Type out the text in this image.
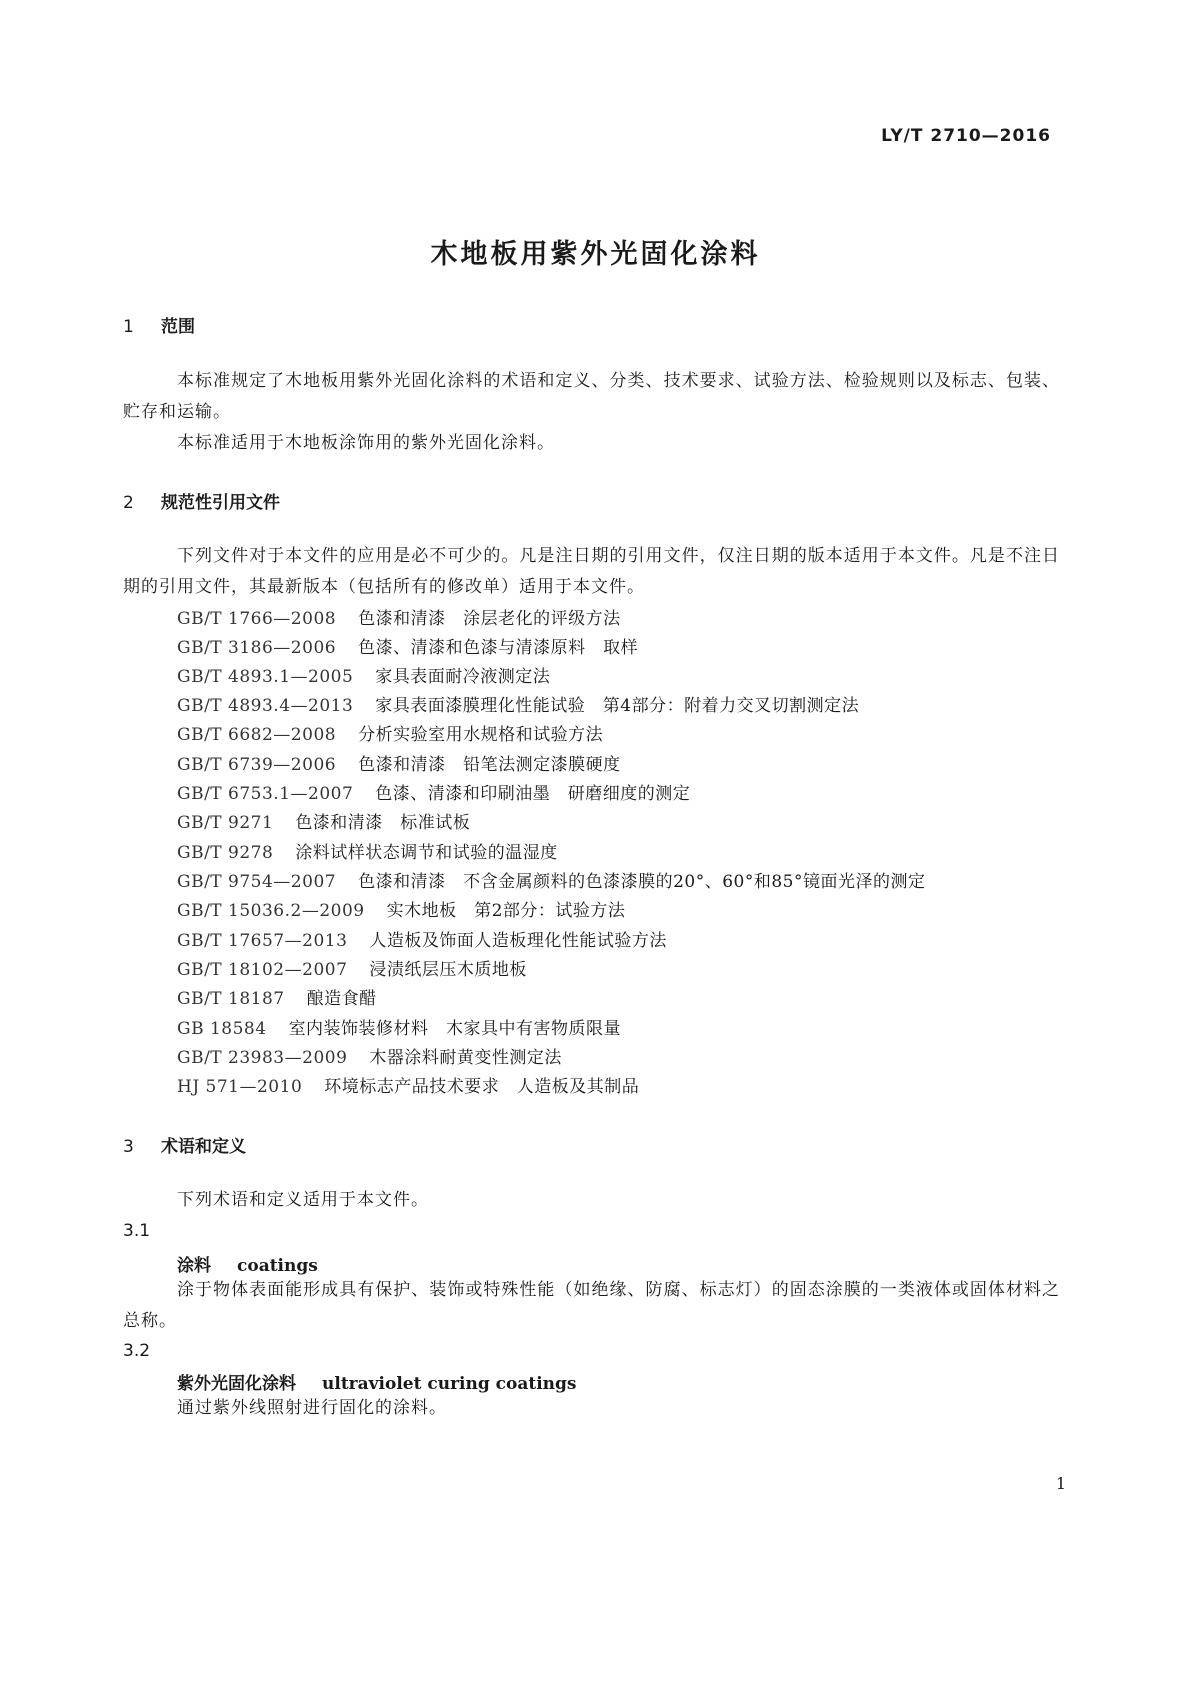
LY/T 2710—2016
木地板用紫外光固化涂料
1 范围
本标准规定了木地板用紫外光固化涂料的术语和定义、分类、技术要求、试验方法、检验规则以及标志、包装、贮存和运输。
本标准适用于木地板涂饰用的紫外光固化涂料。
2 规范性引用文件
下列文件对于本文件的应用是必不可少的。凡是注日期的引用文件，仅注日期的版本适用于本文件。凡是不注日期的引用文件，其最新版本（包括所有的修改单）适用于本文件。
GB/T 1766—2008 色漆和清漆　涂层老化的评级方法
GB/T 3186—2006 色漆、清漆和色漆与清漆原料　取样
GB/T 4893.1—2005 家具表面耐冷液测定法
GB/T 4893.4—2013 家具表面漆膜理化性能试验　第4部分：附着力交叉切割测定法
GB/T 6682—2008 分析实验室用水规格和试验方法
GB/T 6739—2006 色漆和清漆　铅笔法测定漆膜硬度
GB/T 6753.1—2007 色漆、清漆和印刷油墨　研磨细度的测定
GB/T 9271 色漆和清漆　标准试板
GB/T 9278 涂料试样状态调节和试验的温湿度
GB/T 9754—2007 色漆和清漆　不含金属颜料的色漆漆膜的20°、60°和85°镜面光泽的测定
GB/T 15036.2—2009 实木地板　第2部分：试验方法
GB/T 17657—2013 人造板及饰面人造板理化性能试验方法
GB/T 18102—2007 浸渍纸层压木质地板
GB/T 18187 酿造食醋
GB 18584 室内装饰装修材料　木家具中有害物质限量
GB/T 23983—2009 木器涂料耐黄变性测定法
HJ 571—2010 环境标志产品技术要求　人造板及其制品
3 术语和定义
下列术语和定义适用于本文件。
3.1
涂料 coatings
涂于物体表面能形成具有保护、装饰或特殊性能（如绝缘、防腐、标志灯）的固态涂膜的一类液体或固体材料之总称。
3.2
紫外光固化涂料 ultraviolet curing coatings
通过紫外线照射进行固化的涂料。
1
